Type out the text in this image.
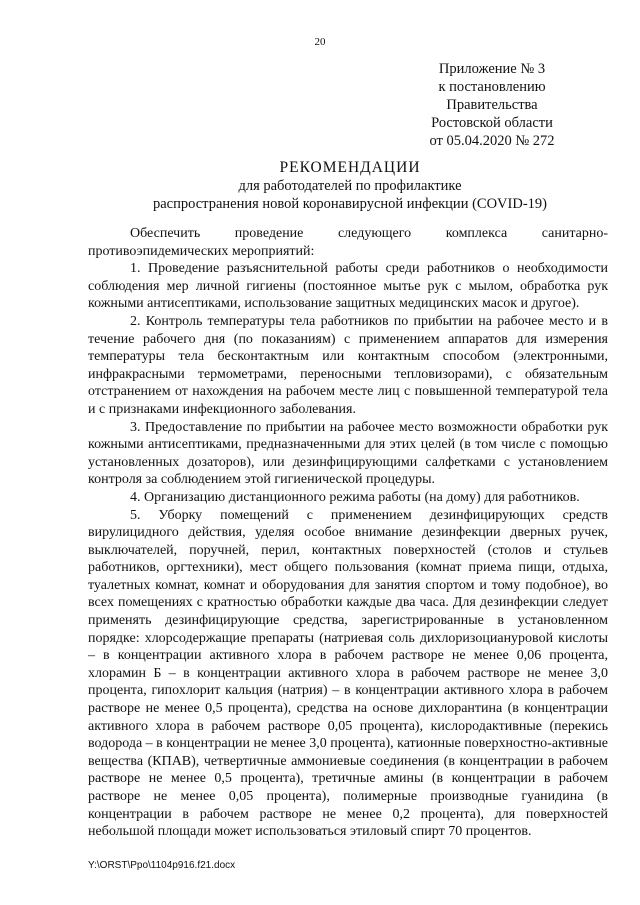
20
Приложение № 3
к постановлению
Правительства
Ростовской области
от 05.04.2020 № 272
РЕКОМЕНДАЦИИ
для работодателей по профилактике
распространения новой коронавирусной инфекции (COVID-19)

Обеспечить проведение следующего комплекса санитарно-противоэпидемических мероприятий:

1. Проведение разъяснительной работы среди работников о необходимости соблюдения мер личной гигиены (постоянное мытье рук с мылом, обработка рук кожными антисептиками, использование защитных медицинских масок и другое).

2. Контроль температуры тела работников по прибытии на рабочее место и в течение рабочего дня (по показаниям) с применением аппаратов для измерения температуры тела бесконтактным или контактным способом (электронными, инфракрасными термометрами, переносными тепловизорами), с обязательным отстранением от нахождения на рабочем месте лиц с повышенной температурой тела и с признаками инфекционного заболевания.

3. Предоставление по прибытии на рабочее место возможности обработки рук кожными антисептиками, предназначенными для этих целей (в том числе с помощью установленных дозаторов), или дезинфицирующими салфетками с установлением контроля за соблюдением этой гигиенической процедуры.

4. Организацию дистанционного режима работы (на дому) для работников.

5. Уборку помещений с применением дезинфицирующих средств вирулицидного действия, уделяя особое внимание дезинфекции дверных ручек, выключателей, поручней, перил, контактных поверхностей (столов и стульев работников, оргтехники), мест общего пользования (комнат приема пищи, отдыха, туалетных комнат, комнат и оборудования для занятия спортом и тому подобное), во всех помещениях с кратностью обработки каждые два часа. Для дезинфекции следует применять дезинфицирующие средства, зарегистрированные в установленном порядке: хлорсодержащие препараты (натриевая соль дихлоризоциануровой кислоты – в концентрации активного хлора в рабочем растворе не менее 0,06 процента, хлорамин Б – в концентрации активного хлора в рабочем растворе не менее 3,0 процента, гипохлорит кальция (натрия) – в концентрации активного хлора в рабочем растворе не менее 0,5 процента), средства на основе дихлорантина (в концентрации активного хлора в рабочем растворе 0,05 процента), кислородактивные (перекись водорода – в концентрации не менее 3,0 процента), катионные поверхностно-активные вещества (КПАВ), четвертичные аммониевые соединения (в концентрации в рабочем растворе не менее 0,5 процента), третичные амины (в концентрации в рабочем растворе не менее 0,05 процента), полимерные производные гуанидина (в концентрации в рабочем растворе не менее 0,2 процента), для поверхностей небольшой площади может использоваться этиловый спирт 70 процентов.

Y:\ORST\Ppo\1104p916.f21.docx
